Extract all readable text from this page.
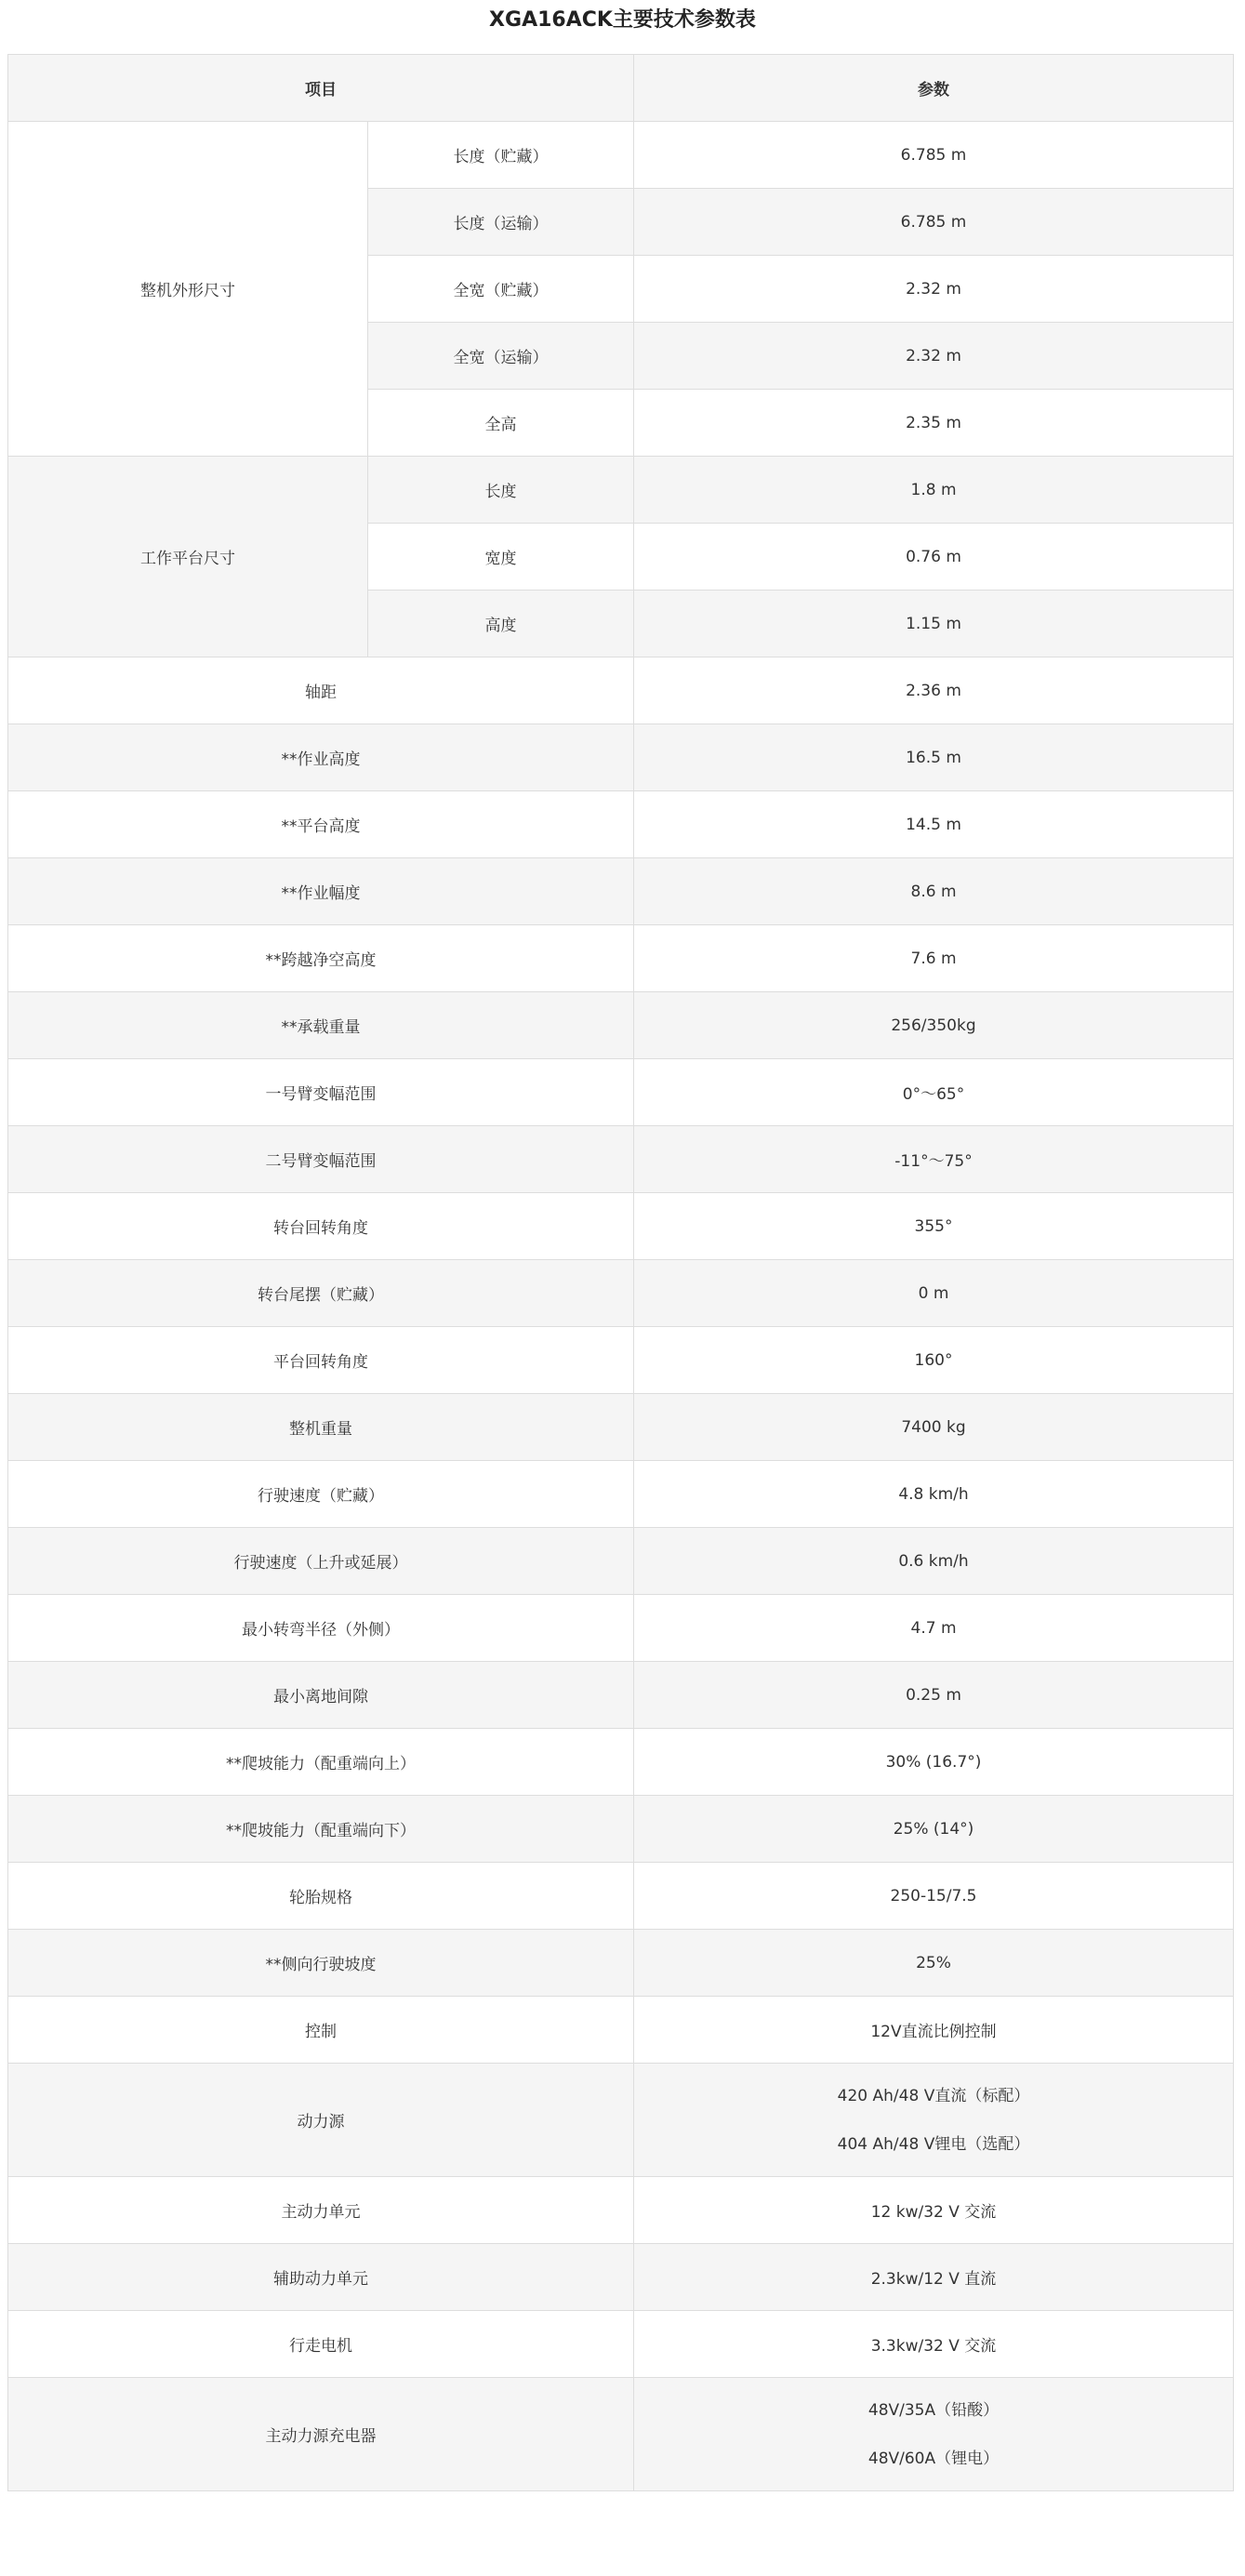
XGA16ACK主要技术参数表
项目		参数
整机外形尺寸	长度（贮藏）	6.785 m
	长度（运输）	6.785 m
	全宽（贮藏）	2.32 m
	全宽（运输）	2.32 m
	全高	2.35 m
工作平台尺寸	长度	1.8 m
	宽度	0.76 m
	高度	1.15 m
轴距		2.36 m
**作业高度		16.5 m
**平台高度		14.5 m
**作业幅度		8.6 m
**跨越净空高度		7.6 m
**承载重量		256/350kg
一号臂变幅范围		0°～65°
二号臂变幅范围		-11°～75°
转台回转角度		355°
转台尾摆（贮藏）		0 m
平台回转角度		160°
整机重量		7400 kg
行驶速度（贮藏）		4.8 km/h
行驶速度（上升或延展）		0.6 km/h
最小转弯半径（外侧）		4.7 m
最小离地间隙		0.25 m
**爬坡能力（配重端向上）		30% (16.7°)
**爬坡能力（配重端向下）		25% (14°)
轮胎规格		250-15/7.5
**侧向行驶坡度		25%
控制		12V直流比例控制
动力源		420 Ah/48 V直流（标配）
404 Ah/48 V锂电（选配）

主动力单元		12 kw/32 V 交流
辅助动力单元		2.3kw/12 V 直流
行走电机		3.3kw/32 V 交流
主动力源充电器		48V/35A（铅酸）
48V/60A（锂电）
